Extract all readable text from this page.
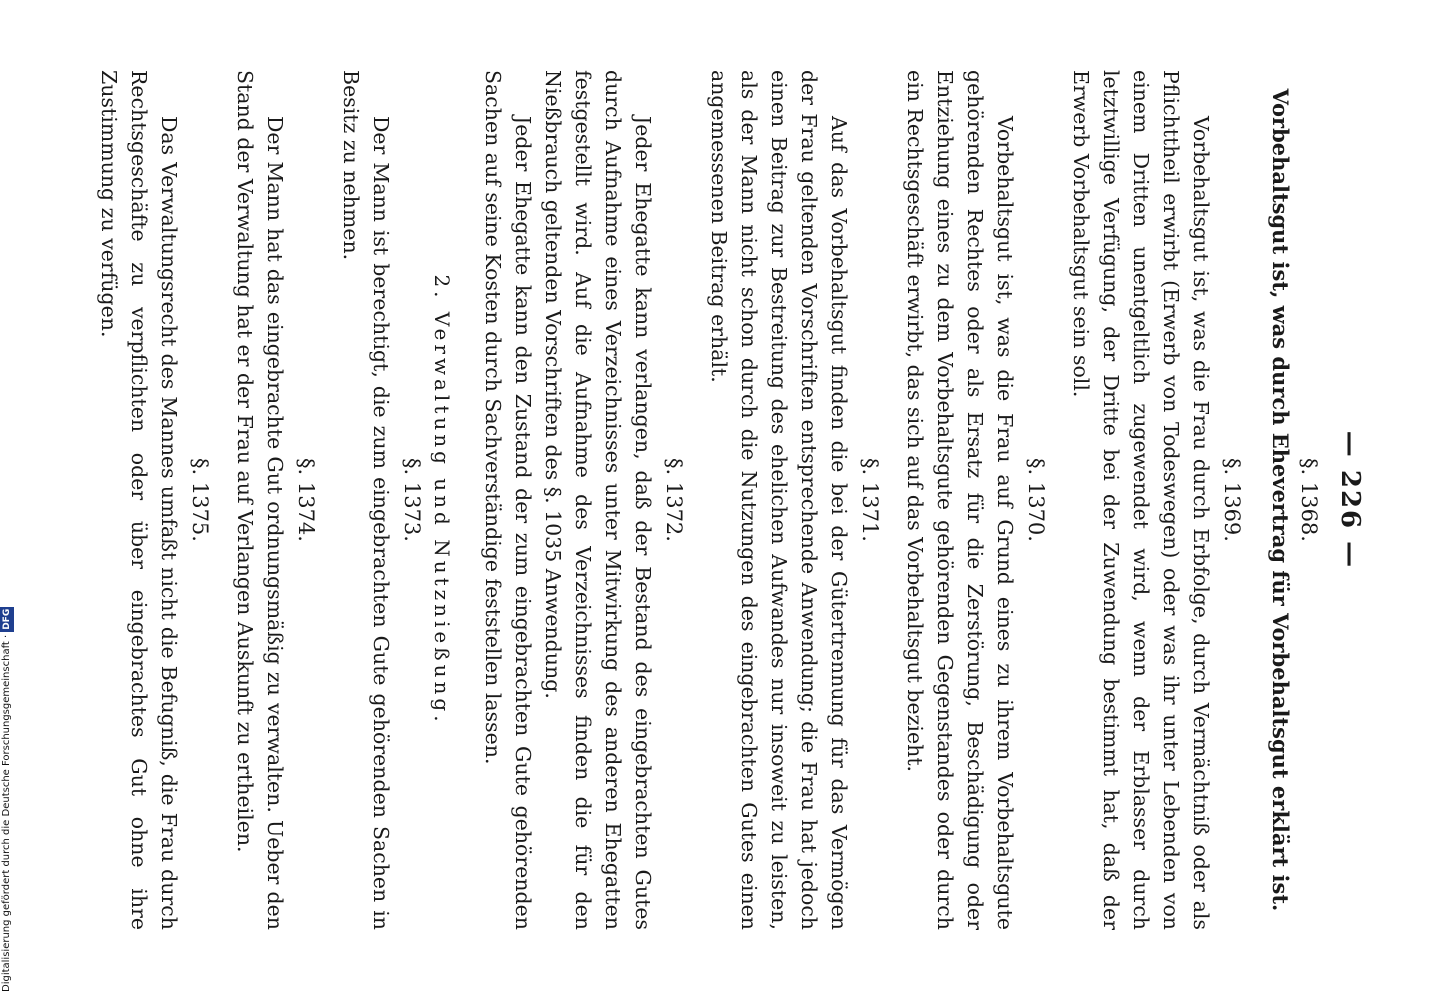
— 226 —
§. 1368.
Vorbehaltsgut ist, was durch Ehevertrag für Vorbehaltsgut erklärt ist.
§. 1369.

Vorbehaltsgut ist, was die Frau durch Erbfolge, durch Vermächtniß oder als Pflichttheil erwirbt (Erwerb von Todeswegen) oder was ihr unter Lebenden von einem Dritten unentgeltlich zugewendet wird, wenn der Erblasser durch letztwillige Verfügung, der Dritte bei der Zuwendung bestimmt hat, daß der Erwerb Vorbehaltsgut sein soll.

§. 1370.

Vorbehaltsgut ist, was die Frau auf Grund eines zu ihrem Vorbehaltsgute gehörenden Rechtes oder als Ersatz für die Zerstörung, Beschädigung oder Entziehung eines zu dem Vorbehaltsgute gehörenden Gegenstandes oder durch ein Rechtsgeschäft erwirbt, das sich auf das Vorbehaltsgut bezieht.

§. 1371.

Auf das Vorbehaltsgut finden die bei der Gütertrennung für das Vermögen der Frau geltenden Vorschriften entsprechende Anwendung; die Frau hat jedoch einen Beitrag zur Bestreitung des ehelichen Aufwandes nur insoweit zu leisten, als der Mann nicht schon durch die Nutzungen des eingebrachten Gutes einen angemessenen Beitrag erhält.

§. 1372.

Jeder Ehegatte kann verlangen, daß der Bestand des eingebrachten Gutes durch Aufnahme eines Verzeichnisses unter Mitwirkung des anderen Ehegatten festgestellt wird. Auf die Aufnahme des Verzeichnisses finden die für den Nießbrauch geltenden Vorschriften des §. 1035 Anwendung.

Jeder Ehegatte kann den Zustand der zum eingebrachten Gute gehörenden Sachen auf seine Kosten durch Sachverständige feststellen lassen.

2. Verwaltung und Nutznießung.
§. 1373.

Der Mann ist berechtigt, die zum eingebrachten Gute gehörenden Sachen in Besitz zu nehmen.

§. 1374.

Der Mann hat das eingebrachte Gut ordnungsmäßig zu verwalten. Ueber den Stand der Verwaltung hat er der Frau auf Verlangen Auskunft zu ertheilen.

§. 1375.

Das Verwaltungsrecht des Mannes umfaßt nicht die Befugniß, die Frau durch Rechtsgeschäfte zu verpflichten oder über eingebrachtes Gut ohne ihre Zustimmung zu verfügen.

Digitalisierung gefördert durch die Deutsche Forschungsgemeinschaft ·DFG
